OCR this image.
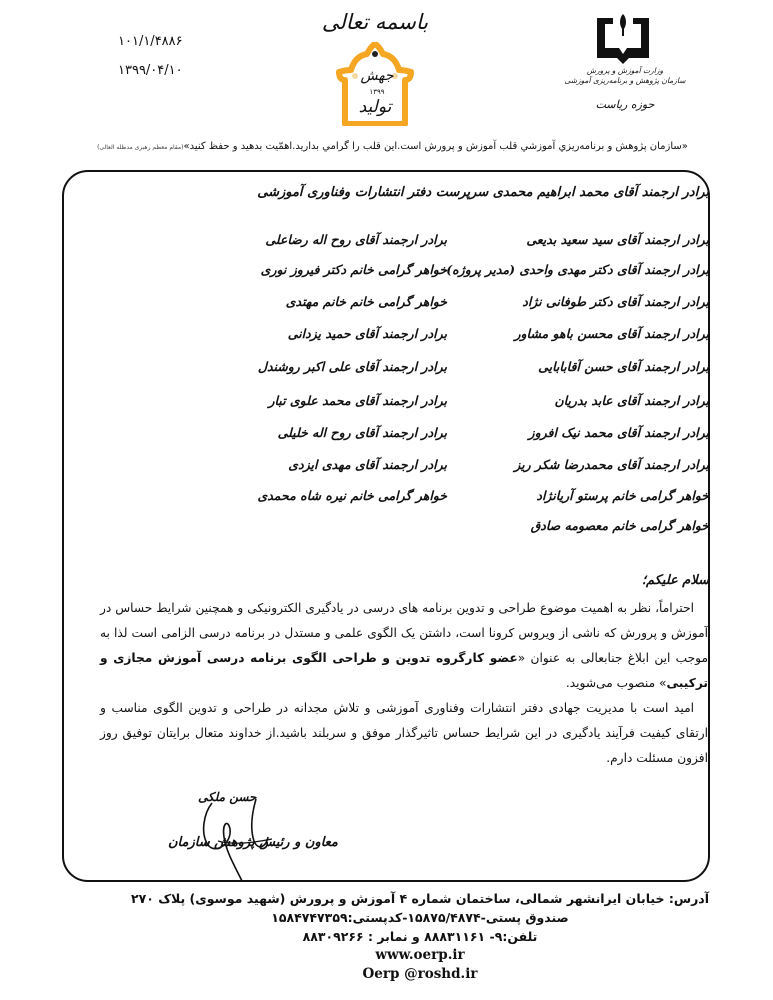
۱۰۱/۱/۴۸۸۶
۱۳۹۹/۰۴/۱۰
باسمه تعالی
جهش
۱۳۹۹
تولید
وزارت آموزش و پرورش
سازمان پژوهش و برنامه‌ریزی آموزشی
حوزه ریاست
«سازمان پژوهش و برنامه‌ريزي آموزشي قلب آموزش و پرورش است.اين قلب را گرامي بداريد.اهمّيت بدهيد و حفظ كنيد»(مقام معظم رهبری مدظله العالی)
برادر ارجمند آقای محمد ابراهیم محمدی سرپرست دفتر انتشارات وفناوری آموزشی
برادر ارجمند آقای سید سعید بدیعی
برادر ارجمند آقای دکتر مهدی واحدی (مدیر پروژه)
برادر ارجمند آقای دکتر طوفانی نژاد
برادر ارجمند آقای محسن باهو مشاور
برادر ارجمند آقای حسن آقابابایی
برادر ارجمند آقای عابد بدریان
برادر ارجمند آقای محمد نیک افروز
برادر ارجمند آقای محمدرضا شکر ریز
خواهر گرامی خانم پرستو آریانژاد
خواهر گرامی خانم معصومه صادق
برادر ارجمند آقای روح اله رضاعلی
خواهر گرامی خانم دکتر فیروز نوری
خواهر گرامی خانم خانم مهتدی
برادر ارجمند آقای حمید یزدانی
برادر ارجمند آقای علی اکبر روشندل
برادر ارجمند آقای محمد علوی تبار
برادر ارجمند آقای روح اله خلیلی
برادر ارجمند آقای مهدی ایزدی
خواهر گرامی خانم نیره شاه محمدی
سلام علیکم؛

احتراماً، نظر به اهمیت موضوع طراحی و تدوین برنامه های درسی در یادگیری الکترونیکی و همچنین شرایط حساس در آموزش و پرورش که ناشی از ویروس کرونا است، داشتن یک الگوی علمی و مستدل در برنامه درسی الزامی است لذا به موجب این ابلاغ جنابعالی به عنوان «عضو کارگروه تدوین و طراحی الگوی برنامه درسی آموزش مجازی و ترکیبی» منصوب می‌شوید.

امید است با مدیریت جهادی دفتر انتشارات وفناوری آموزشی و تلاش مجدانه در طراحی و تدوین الگوی مناسب و ارتقای کیفیت فرآیند یادگیری در این شرایط حساس تاثیرگذار موفق و سربلند باشید.از خداوند متعال برایتان توفیق روز افزون مسئلت دارم.

حسن ملکی
معاون و رئیس پژوهش سازمان
آدرس: خیابان ایرانشهر شمالی، ساختمان شماره ۴ آموزش و پرورش (شهید موسوی) پلاک ۲۷۰
صندوق پستی-۱۵۸۷۵/۴۸۷۴-کدپستی:۱۵۸۴۷۴۷۳۵۹
تلفن:۹- ۸۸۸۳۱۱۶۱ و نمابر : ۸۸۳۰۹۲۶۶
www.oerp.ir
Oerp @roshd.ir
